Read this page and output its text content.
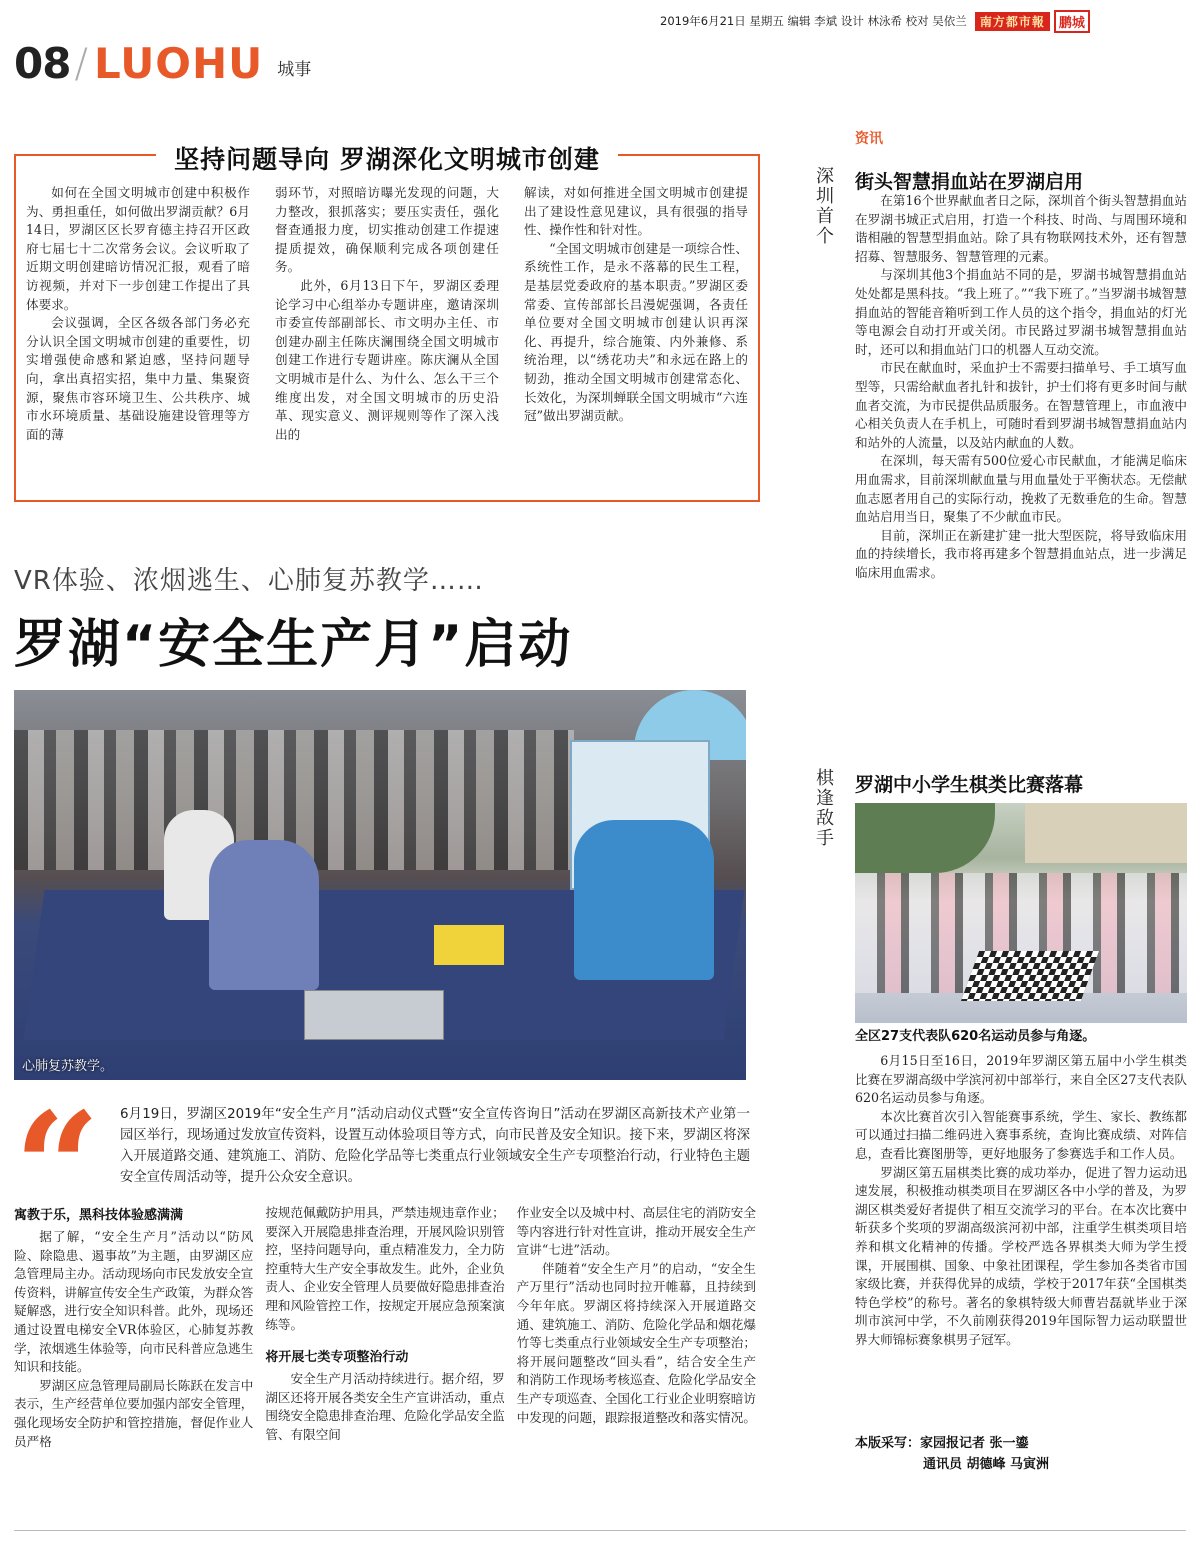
2019年6月21日 星期五 编辑 李斌 设计 林泳希 校对 吴依兰	南方都市報	鹏城
08 / LUOHU 城事
坚持问题导向 罗湖深化文明城市创建

如何在全国文明城市创建中积极作为、勇担重任，如何做出罗湖贡献？6月14日，罗湖区区长罗育德主持召开区政府七届七十二次常务会议。会议听取了近期文明创建暗访情况汇报，观看了暗访视频，并对下一步创建工作提出了具体要求。

会议强调，全区各级各部门务必充分认识全国文明城市创建的重要性，切实增强使命感和紧迫感，坚持问题导向，拿出真招实招，集中力量、集聚资源，聚焦市容环境卫生、公共秩序、城市水环境质量、基础设施建设管理等方面的薄

弱环节，对照暗访曝光发现的问题，大力整改，狠抓落实；要压实责任，强化督查通报力度，切实推动创建工作提速提质提效，确保顺利完成各项创建任务。

此外，6月13日下午，罗湖区委理论学习中心组举办专题讲座，邀请深圳市委宣传部副部长、市文明办主任、市创建办副主任陈庆澜围绕全国文明城市创建工作进行专题讲座。陈庆澜从全国文明城市是什么、为什么、怎么干三个维度出发，对全国文明城市的历史沿革、现实意义、测评规则等作了深入浅出的

解读，对如何推进全国文明城市创建提出了建设性意见建议，具有很强的指导性、操作性和针对性。

“全国文明城市创建是一项综合性、系统性工作，是永不落幕的民生工程，是基层党委政府的基本职责。”罗湖区委常委、宣传部部长吕漫妮强调，各责任单位要对全国文明城市创建认识再深化、再提升，综合施策、内外兼修、系统治理，以“绣花功夫”和永远在路上的韧劲，推动全国文明城市创建常态化、长效化，为深圳蝉联全国文明城市“六连冠”做出罗湖贡献。

VR体验、浓烟逃生、心肺复苏教学……
罗湖“安全生产月”启动
心肺复苏教学。

6月19日，罗湖区2019年“安全生产月”活动启动仪式暨“安全宣传咨询日”活动在罗湖区高新技术产业第一园区举行，现场通过发放宣传资料，设置互动体验项目等方式，向市民普及安全知识。接下来，罗湖区将深入开展道路交通、建筑施工、消防、危险化学品等七类重点行业领域安全生产专项整治行动，行业特色主题安全宣传周活动等，提升公众安全意识。

寓教于乐，黑科技体验感满满

据了解，“安全生产月”活动以“防风险、除隐患、遏事故”为主题，由罗湖区应急管理局主办。活动现场向市民发放安全宣传资料，讲解宣传安全生产政策，为群众答疑解惑，进行安全知识科普。此外，现场还通过设置电梯安全VR体验区，心肺复苏教学，浓烟逃生体验等，向市民科普应急逃生知识和技能。

罗湖区应急管理局副局长陈跃在发言中表示，生产经营单位要加强内部安全管理，强化现场安全防护和管控措施，督促作业人员严格

按规范佩戴防护用具，严禁违规违章作业；要深入开展隐患排查治理，开展风险识别管控，坚持问题导向，重点精准发力，全力防控重特大生产安全事故发生。此外，企业负责人、企业安全管理人员要做好隐患排查治理和风险管控工作，按规定开展应急预案演练等。

将开展七类专项整治行动

安全生产月活动持续进行。据介绍，罗湖区还将开展各类安全生产宣讲活动，重点围绕安全隐患排查治理、危险化学品安全监管、有限空间

作业安全以及城中村、高层住宅的消防安全等内容进行针对性宣讲，推动开展安全生产宣讲“七进”活动。

伴随着“安全生产月”的启动，“安全生产万里行”活动也同时拉开帷幕，且持续到今年年底。罗湖区将持续深入开展道路交通、建筑施工、消防、危险化学品和烟花爆竹等七类重点行业领域安全生产专项整治；将开展问题整改“回头看”，结合安全生产和消防工作现场考核巡查、危险化学品安全生产专项巡查、全国化工行业企业明察暗访中发现的问题，跟踪报道整改和落实情况。

资讯
深圳首个 街头智慧捐血站在罗湖启用

在第16个世界献血者日之际，深圳首个街头智慧捐血站在罗湖书城正式启用，打造一个科技、时尚、与周围环境和谐相融的智慧型捐血站。除了具有物联网技术外，还有智慧招募、智慧服务、智慧管理的元素。

与深圳其他3个捐血站不同的是，罗湖书城智慧捐血站处处都是黑科技。“我上班了。”“我下班了。”当罗湖书城智慧捐血站的智能音箱听到工作人员的这个指令，捐血站的灯光等电源会自动打开或关闭。市民路过罗湖书城智慧捐血站时，还可以和捐血站门口的机器人互动交流。

市民在献血时，采血护士不需要扫描单号、手工填写血型等，只需给献血者扎针和拔针，护士们将有更多时间与献血者交流，为市民提供品质服务。在智慧管理上，市血液中心相关负责人在手机上，可随时看到罗湖书城智慧捐血站内和站外的人流量，以及站内献血的人数。

在深圳，每天需有500位爱心市民献血，才能满足临床用血需求，目前深圳献血量与用血量处于平衡状态。无偿献血志愿者用自己的实际行动，挽救了无数垂危的生命。智慧血站启用当日，聚集了不少献血市民。

目前，深圳正在新建扩建一批大型医院，将导致临床用血的持续增长，我市将再建多个智慧捐血站点，进一步满足临床用血需求。

棋逢敌手 罗湖中小学生棋类比赛落幕
全区27支代表队620名运动员参与角逐。

6月15日至16日，2019年罗湖区第五届中小学生棋类比赛在罗湖高级中学滨河初中部举行，来自全区27支代表队620名运动员参与角逐。

本次比赛首次引入智能赛事系统，学生、家长、教练都可以通过扫描二维码进入赛事系统，查询比赛成绩、对阵信息，查看比赛图册等，更好地服务了参赛选手和工作人员。

罗湖区第五届棋类比赛的成功举办，促进了智力运动迅速发展，积极推动棋类项目在罗湖区各中小学的普及，为罗湖区棋类爱好者提供了相互交流学习的平台。在本次比赛中斩获多个奖项的罗湖高级滨河初中部，注重学生棋类项目培养和棋文化精神的传播。学校严选各界棋类大师为学生授课，开展围棋、国象、中象社团课程，学生参加各类省市国家级比赛，并获得优异的成绩，学校于2017年获“全国棋类特色学校”的称号。著名的象棋特级大师曹岩磊就毕业于深圳市滨河中学，不久前刚获得2019年国际智力运动联盟世界大师锦标赛象棋男子冠军。

本版采写：家园报记者 张一鎏
通讯员 胡德峰 马寅洲
